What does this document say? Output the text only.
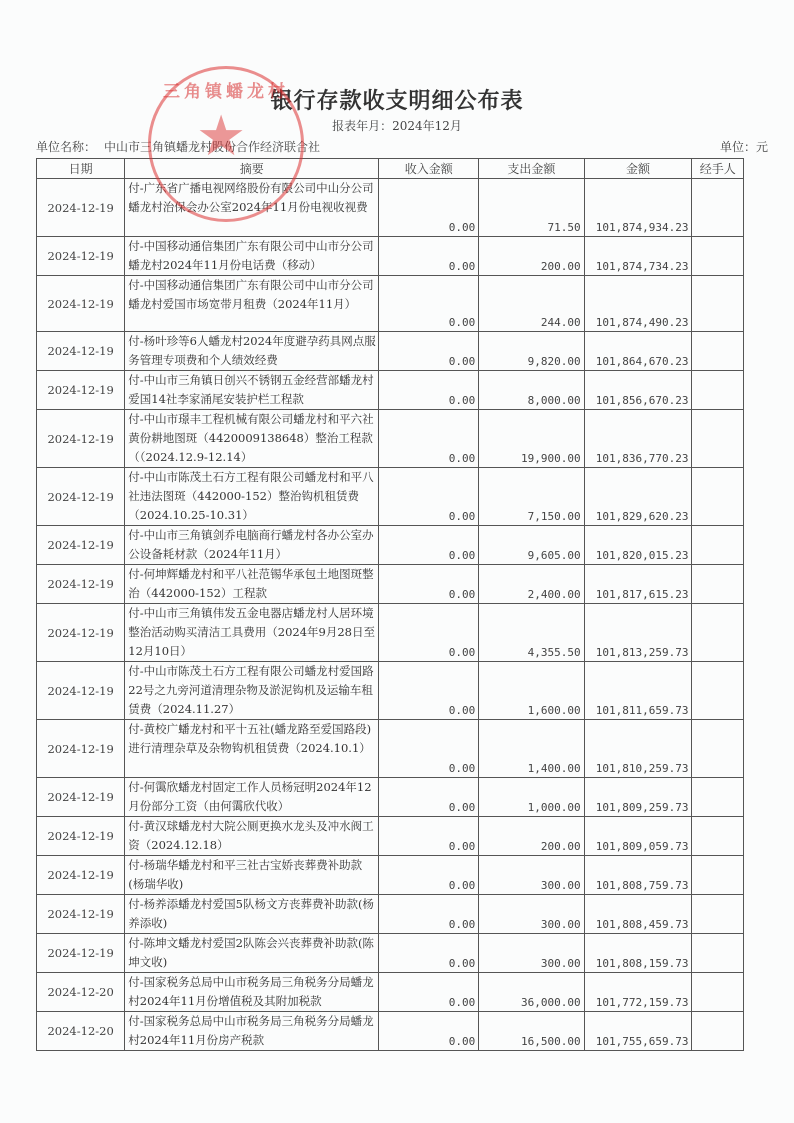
银行存款收支明细公布表
报表年月：2024年12月
单位名称： 中山市三角镇蟠龙村股份合作经济联合社	单位：元
日期	摘要	收入金额	支出金额	金额	经手人
2024-12-19	付-广东省广播电视网络股份有限公司中山分公司蟠龙村治保会办公室2024年11月份电视收视费	0.00	71.50	101,874,934.23	
2024-12-19	付-中国移动通信集团广东有限公司中山市分公司蟠龙村2024年11月份电话费（移动）	0.00	200.00	101,874,734.23	
2024-12-19	付-中国移动通信集团广东有限公司中山市分公司蟠龙村爱国市场宽带月租费（2024年11月）	0.00	244.00	101,874,490.23	
2024-12-19	付-杨叶珍等6人蟠龙村2024年度避孕药具网点服务管理专项费和个人绩效经费	0.00	9,820.00	101,864,670.23	
2024-12-19	付-中山市三角镇日创兴不锈钢五金经营部蟠龙村爱国14社李家涌尾安装护栏工程款	0.00	8,000.00	101,856,670.23	
2024-12-19	付-中山市璟丰工程机械有限公司蟠龙村和平六社黄份耕地图斑（4420009138648）整治工程款（（2024.12.9-12.14）	0.00	19,900.00	101,836,770.23	
2024-12-19	付-中山市陈茂土石方工程有限公司蟠龙村和平八社违法图斑（442000-152）整治钩机租赁费（2024.10.25-10.31）	0.00	7,150.00	101,829,620.23	
2024-12-19	付-中山市三角镇剑乔电脑商行蟠龙村各办公室办公设备耗材款（2024年11月）	0.00	9,605.00	101,820,015.23	
2024-12-19	付-何坤辉蟠龙村和平八社范锡华承包土地图斑整治（442000-152）工程款	0.00	2,400.00	101,817,615.23	
2024-12-19	付-中山市三角镇伟发五金电器店蟠龙村人居环境整治活动购买清洁工具费用（2024年9月28日至12月10日）	0.00	4,355.50	101,813,259.73	
2024-12-19	付-中山市陈茂土石方工程有限公司蟠龙村爱国路22号之九旁河道清理杂物及淤泥钩机及运输车租赁费（2024.11.27）	0.00	1,600.00	101,811,659.73	
2024-12-19	付-黄校广蟠龙村和平十五社(蟠龙路至爱国路段)进行清理杂草及杂物钩机租赁费（2024.10.1）	0.00	1,400.00	101,810,259.73	
2024-12-19	付-何霭欣蟠龙村固定工作人员杨冠明2024年12月份部分工资（由何霭欣代收）	0.00	1,000.00	101,809,259.73	
2024-12-19	付-黄汉球蟠龙村大院公厕更换水龙头及冲水阀工资（2024.12.18）	0.00	200.00	101,809,059.73	
2024-12-19	付-杨瑞华蟠龙村和平三社古宝娇丧葬费补助款(杨瑞华收)	0.00	300.00	101,808,759.73	
2024-12-19	付-杨养添蟠龙村爱国5队杨文方丧葬费补助款(杨养添收)	0.00	300.00	101,808,459.73	
2024-12-19	付-陈坤文蟠龙村爱国2队陈会兴丧葬费补助款(陈坤文收)	0.00	300.00	101,808,159.73	
2024-12-20	付-国家税务总局中山市税务局三角税务分局蟠龙村2024年11月份增值税及其附加税款	0.00	36,000.00	101,772,159.73	
2024-12-20	付-国家税务总局中山市税务局三角税务分局蟠龙村2024年11月份房产税款	0.00	16,500.00	101,755,659.73	
三角镇蟠龙村
★
